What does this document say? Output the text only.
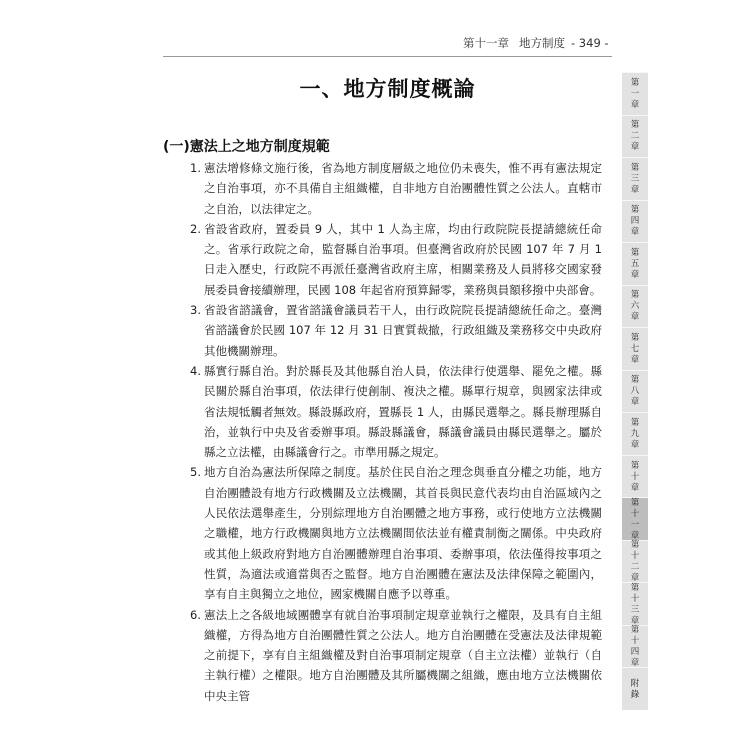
第十一章 地方制度 - 349 -
一、地方制度概論
(一)憲法上之地方制度規範
1. 憲法增修條文施行後，省為地方制度層級之地位仍未喪失，惟不再有憲法規定之自治事項，亦不具備自主組織權，自非地方自治團體性質之公法人。直轄市之自治，以法律定之。
2. 省設省政府，置委員 9 人，其中 1 人為主席，均由行政院院長提請總統任命之。省承行政院之命，監督縣自治事項。但臺灣省政府於民國 107 年 7 月 1 日走入歷史，行政院不再派任臺灣省政府主席，相關業務及人員將移交國家發展委員會接續辦理，民國 108 年起省府預算歸零，業務與員額移撥中央部會。
3. 省設省諮議會，置省諮議會議員若干人，由行政院院長提請總統任命之。臺灣省諮議會於民國 107 年 12 月 31 日實質裁撤，行政組織及業務移交中央政府其他機關辦理。
4. 縣實行縣自治。對於縣長及其他縣自治人員，依法律行使選舉、罷免之權。縣民關於縣自治事項，依法律行使創制、複決之權。縣單行規章，與國家法律或省法規牴觸者無效。縣設縣政府，置縣長 1 人，由縣民選舉之。縣長辦理縣自治，並執行中央及省委辦事項。縣設縣議會，縣議會議員由縣民選舉之。屬於縣之立法權，由縣議會行之。市準用縣之規定。
5. 地方自治為憲法所保障之制度。基於住民自治之理念與垂直分權之功能，地方自治團體設有地方行政機關及立法機關，其首長與民意代表均由自治區域內之人民依法選舉產生，分別綜理地方自治團體之地方事務，或行使地方立法機關之職權，地方行政機關與地方立法機關間依法並有權責制衡之關係。中央政府或其他上級政府對地方自治團體辦理自治事項、委辦事項，依法僅得按事項之性質，為適法或適當與否之監督。地方自治團體在憲法及法律保障之範圍內，享有自主與獨立之地位，國家機關自應予以尊重。
6. 憲法上之各級地域團體享有就自治事項制定規章並執行之權限，及具有自主組織權，方得為地方自治團體性質之公法人。地方自治團體在受憲法及法律規範之前提下，享有自主組織權及對自治事項制定規章（自主立法權）並執行（自主執行權）之權限。地方自治團體及其所屬機關之組織，應由地方立法機關依中央主管
第
一
章
第
二
章
第
三
章
第
四
章
第
五
章
第
六
章
第
七
章
第
八
章
第
九
章
第
十
章
第
十
一
章
第
十
二
章
第
十
三
章
第
十
四
章
附
錄
